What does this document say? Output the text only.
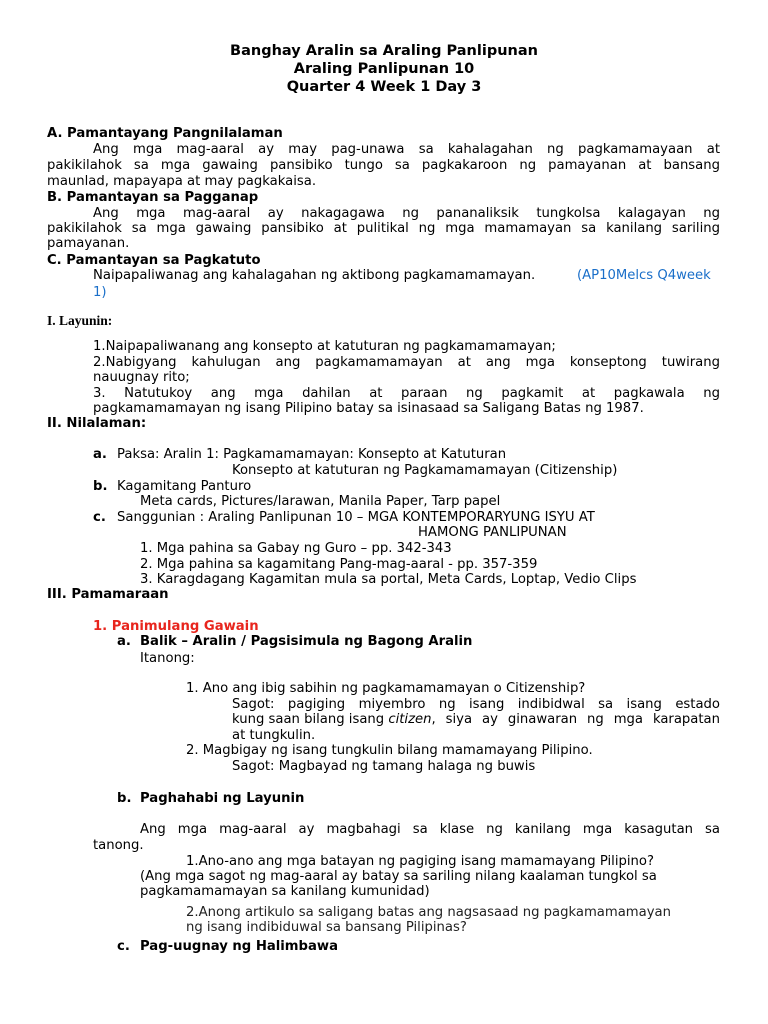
Banghay Aralin sa Araling Panlipunan
Araling Panlipunan 10
Quarter 4 Week 1 Day 3
A. Pamantayang Pangnilalaman
Ang mga mag-aaral ay may pag-unawa sa kahalagahan ng pagkamamayaan at
pakikilahok sa mga gawaing pansibiko tungo sa pagkakaroon ng pamayanan at bansang
maunlad, mapayapa at may pagkakaisa.
B. Pamantayan sa Pagganap
Ang mga mag-aaral ay nakagagawa ng pananaliksik tungkolsa kalagayan ng
pakikilahok sa mga gawaing pansibiko at pulitikal ng mga mamamayan sa kanilang sariling
pamayanan.
C. Pamantayan sa Pagkatuto
Naipapaliwanag ang kahalagahan ng aktibong pagkamamamayan.	(AP10Melcs Q4week
1)
I. Layunin:
1.Naipapaliwanang ang konsepto at katuturan ng pagkamamamayan;
2.Nabigyang kahulugan ang pagkamamamayan at ang mga konseptong tuwirang
nauugnay rito;
3. Natutukoy ang mga dahilan at paraan ng pagkamit at pagkawala ng
pagkamamamayan ng isang Pilipino batay sa isinasaad sa Saligang Batas ng 1987.
II. Nilalaman:
a. Paksa: Aralin 1: Pagkamamamayan: Konsepto at Katuturan
Konsepto at katuturan ng Pagkamamamayan (Citizenship)
b. Kagamitang Panturo
Meta cards, Pictures/larawan, Manila Paper, Tarp papel
c. Sanggunian : Araling Panlipunan 10 – MGA KONTEMPORARYUNG ISYU AT
HAMONG PANLIPUNAN
1. Mga pahina sa Gabay ng Guro – pp. 342-343
2. Mga pahina sa kagamitang Pang-mag-aaral - pp. 357-359
3. Karagdagang Kagamitan mula sa portal, Meta Cards, Loptap, Vedio Clips
III. Pamamaraan
1. Panimulang Gawain
a. Balik – Aralin / Pagsisimula ng Bagong Aralin
Itanong:
1. Ano ang ibig sabihin ng pagkamamamayan o Citizenship?
Sagot: pagiging miyembro ng isang indibidwal sa isang estado
kung saan bilang isang citizen , siya ay ginawaran ng mga karapatan
at tungkulin.
2. Magbigay ng isang tungkulin bilang mamamayang Pilipino.
Sagot: Magbayad ng tamang halaga ng buwis
b. Paghahabi ng Layunin
Ang mga mag-aaral ay magbahagi sa klase ng kanilang mga kasagutan sa
tanong.
1.Ano-ano ang mga batayan ng pagiging isang mamamayang Pilipino?
(Ang mga sagot ng mag-aaral ay batay sa sariling nilang kaalaman tungkol sa
pagkamamamayan sa kanilang kumunidad)
2.Anong artikulo sa saligang batas ang nagsasaad ng pagkamamamayan
ng isang indibiduwal sa bansang Pilipinas?
c. Pag-uugnay ng Halimbawa
